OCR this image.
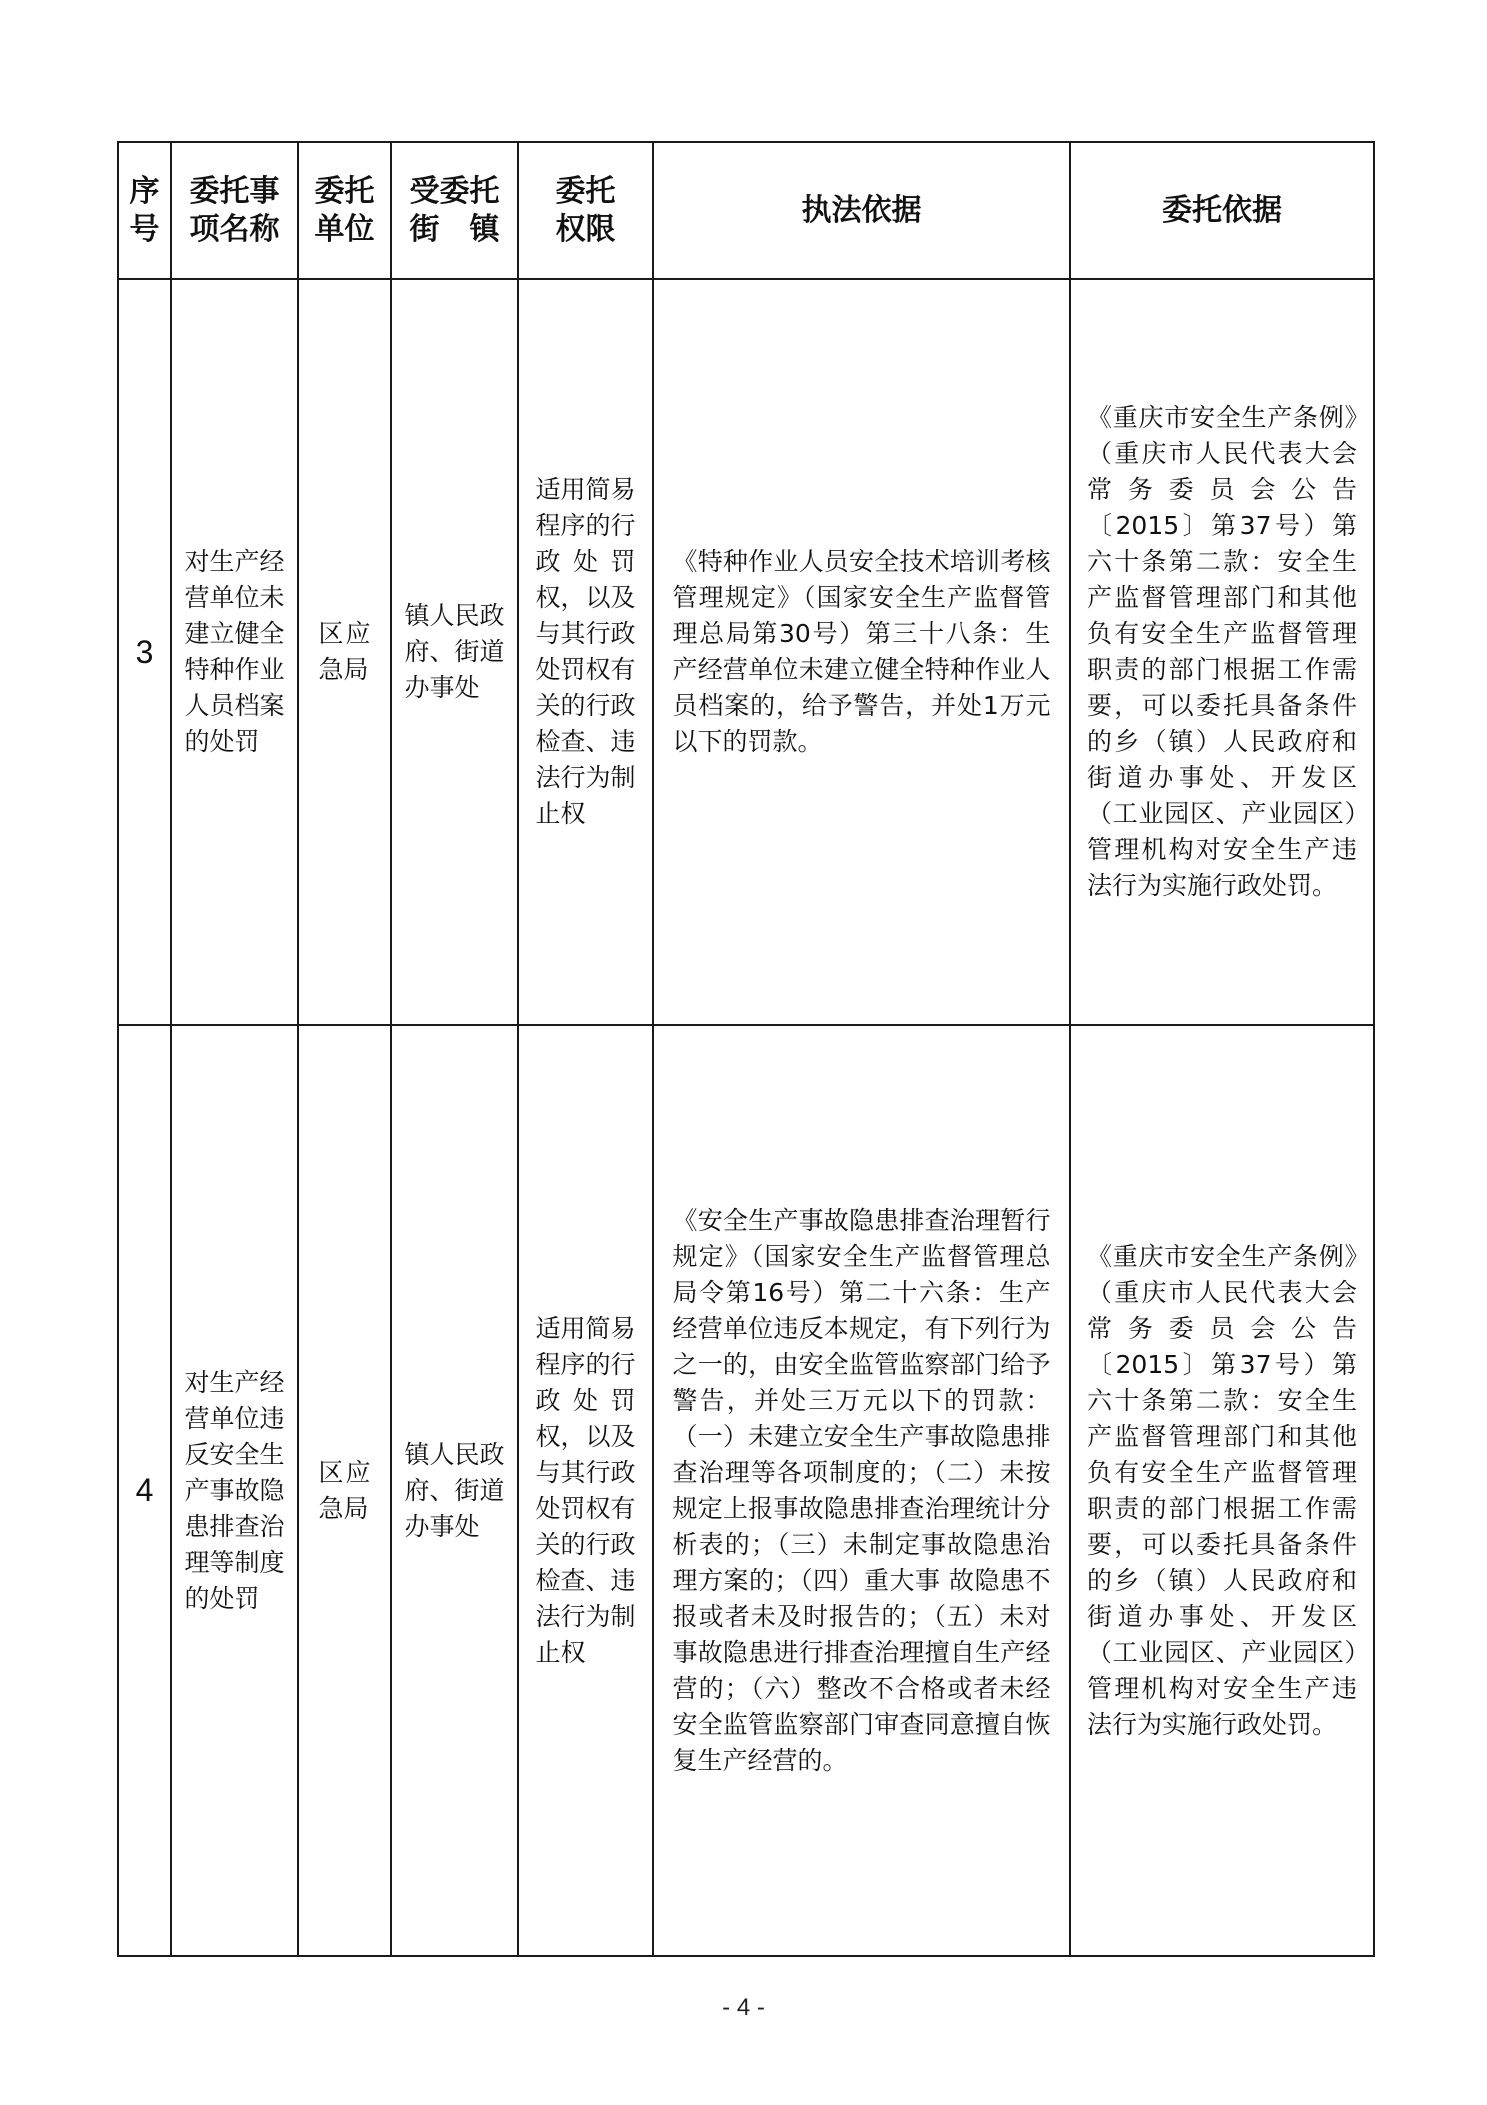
序号	委托事项名称	委托单位	受委托街　镇	委托权限	执法依据	委托依据
3	对生产经营单位未建立健全特种作业人员档案的处罚	区应急局	镇人民政府、街道办事处	适用简易程序的行政处罚权，以及与其行政处罚权有关的行政检查、违法行为制止权	《特种作业人员安全技术培训考核管理规定》（国家安全生产监督管理总局第30号）第三十八条：生产经营单位未建立健全特种作业人员档案的，给予警告，并处1万元以下的罚款。	《重庆市安全生产条例》（重庆市人民代表大会常务委员会公告〔2015〕第37号）第六十条第二款：安全生产监督管理部门和其他负有安全生产监督管理职责的部门根据工作需要，可以委托具备条件的乡（镇）人民政府和街道办事处、开发区（工业园区、产业园区）管理机构对安全生产违法行为实施行政处罚。

4	对生产经营单位违反安全生产事故隐患排查治理等制度的处罚	区应急局	镇人民政府、街道办事处	适用简易程序的行政处罚权，以及与其行政处罚权有关的行政检查、违法行为制止权	《安全生产事故隐患排查治理暂行规定》（国家安全生产监督管理总局令第16号）第二十六条：生产经营单位违反本规定，有下列行为之一的，由安全监管监察部门给予警告，并处三万元以下的罚款：（一）未建立安全生产事故隐患排查治理等各项制度的；（二）未按规定上报事故隐患排查治理统计分析表的；（三）未制定事故隐患治理方案的；（四）重大事 故隐患不报或者未及时报告的；（五）未对事故隐患进行排查治理擅自生产经营的；（六）整改不合格或者未经安全监管监察部门审查同意擅自恢复生产经营的。	《重庆市安全生产条例》（重庆市人民代表大会常务委员会公告〔2015〕第37号）第六十条第二款：安全生产监督管理部门和其他负有安全生产监督管理职责的部门根据工作需要，可以委托具备条件的乡（镇）人民政府和街道办事处、开发区（工业园区、产业园区）管理机构对安全生产违法行为实施行政处罚。
- 4 -
